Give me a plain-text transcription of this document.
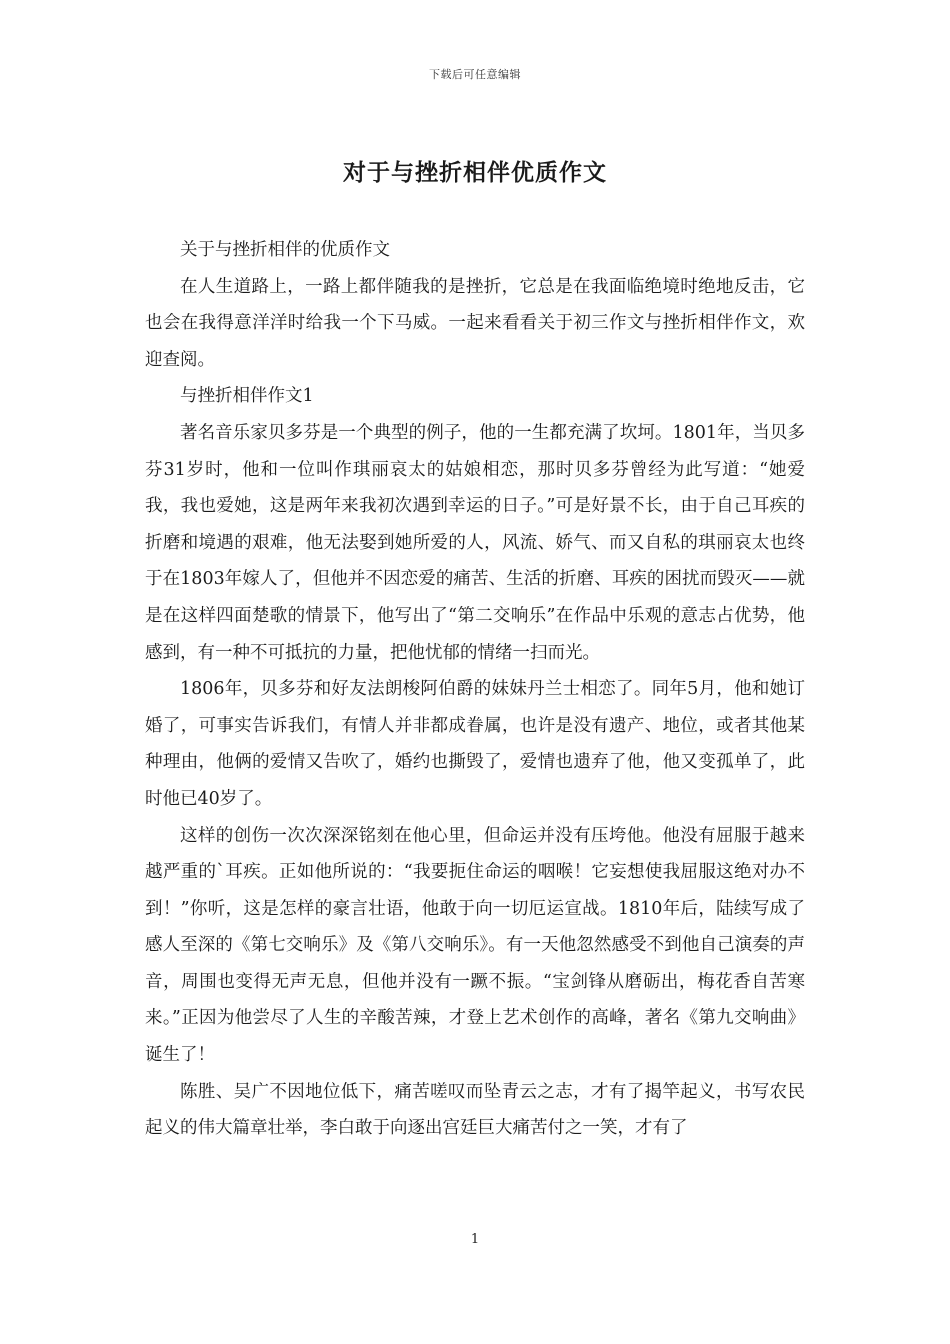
下载后可任意编辑
对于与挫折相伴优质作文

关于与挫折相伴的优质作文

在人生道路上，一路上都伴随我的是挫折，它总是在我面临绝境时绝地反击，它也会在我得意洋洋时给我一个下马威。一起来看看关于初三作文与挫折相伴作文，欢迎查阅。

与挫折相伴作文1

著名音乐家贝多芬是一个典型的例子，他的一生都充满了坎坷。1801年，当贝多芬31岁时，他和一位叫作琪丽哀太的姑娘相恋，那时贝多芬曾经为此写道：“她爱我，我也爱她，这是两年来我初次遇到幸运的日子。”可是好景不长，由于自己耳疾的折磨和境遇的艰难，他无法娶到她所爱的人，风流、娇气、而又自私的琪丽哀太也终于在1803年嫁人了，但他并不因恋爱的痛苦、生活的折磨、耳疾的困扰而毁灭——就是在这样四面楚歌的情景下，他写出了“第二交响乐”在作品中乐观的意志占优势，他感到，有一种不可抵抗的力量，把他忧郁的情绪一扫而光。

1806年，贝多芬和好友法朗梭阿伯爵的妹妹丹兰士相恋了。同年5月，他和她订婚了，可事实告诉我们，有情人并非都成眷属，也许是没有遗产、地位，或者其他某种理由，他俩的爱情又告吹了，婚约也撕毁了，爱情也遗弃了他，他又变孤单了，此时他已40岁了。

这样的创伤一次次深深铭刻在他心里，但命运并没有压垮他。他没有屈服于越来越严重的`耳疾。正如他所说的：“我要扼住命运的咽喉！它妄想使我屈服这绝对办不到！”你听，这是怎样的豪言壮语，他敢于向一切厄运宣战。1810年后，陆续写成了感人至深的《第七交响乐》及《第八交响乐》。有一天他忽然感受不到他自己演奏的声音，周围也变得无声无息，但他并没有一蹶不振。“宝剑锋从磨砺出，梅花香自苦寒来。”正因为他尝尽了人生的辛酸苦辣，才登上艺术创作的高峰，著名《第九交响曲》诞生了！

陈胜、吴广不因地位低下，痛苦嗟叹而坠青云之志，才有了揭竿起义，书写农民起义的伟大篇章壮举，李白敢于向逐出宫廷巨大痛苦付之一笑，才有了

1
